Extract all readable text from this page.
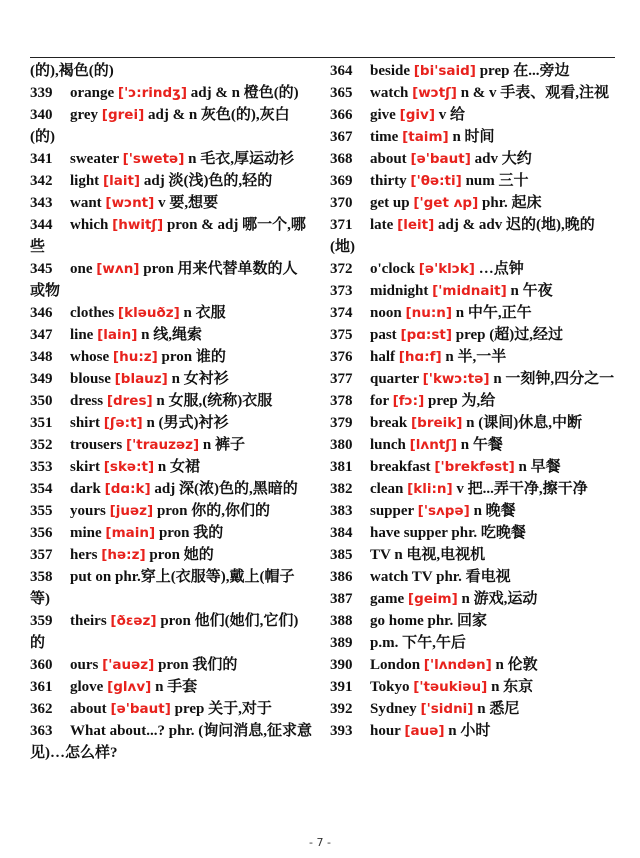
(的),褐色(的)
339 orange ['ɔ:rindʒ] adj & n 橙色(的)
340 grey [grei] adj & n 灰色(的),灰白(的)
341 sweater ['swetə] n 毛衣,厚运动衫
342 light [lait] adj 淡(浅)色的,轻的
343 want [wɔnt] v 要,想要
344 which [hwitʃ] pron & adj 哪一个,哪些
345 one [wʌn] pron 用来代替单数的人或物
346 clothes [kləuðz] n 衣服
347 line [lain] n 线,绳索
348 whose [hu:z] pron 谁的
349 blouse [blauz] n 女衬衫
350 dress [dres] n 女服,(统称)衣服
351 shirt [ʃə:t] n (男式)衬衫
352 trousers ['trauzəz] n 裤子
353 skirt [skə:t] n 女裙
354 dark [dɑ:k] adj 深(浓)色的,黑暗的
355 yours [juəz] pron 你的,你们的
356 mine [main] pron 我的
357 hers [hə:z] pron 她的
358 put on phr.穿上(衣服等),戴上(帽子等)
359 theirs [ðεəz] pron 他们(她们,它们)的
360 ours ['auəz] pron 我们的
361 glove [glʌv] n 手套
362 about [ə'baut] prep 关于,对于
363 What about...? phr. (询问消息,征求意 见)…怎么样?
364 beside [bi'said] prep 在...旁边
365 watch [wɔtʃ] n & v 手表、观看,注视
366 give [giv] v 给
367 time [taim] n 时间
368 about [ə'baut] adv 大约
369 thirty ['θə:ti] num 三十
370 get up ['get ʌp] phr. 起床
371 late [leit] adj & adv 迟的(地),晚的(地)
372 o'clock [ə'klɔk] …点钟
373 midnight ['midnait] n 午夜
374 noon [nu:n] n 中午,正午
375 past [pɑ:st] prep (超)过,经过
376 half [hɑ:f] n 半,一半
377 quarter ['kwɔ:tə] n 一刻钟,四分之一
378 for [fɔ:] prep 为,给
379 break [breik] n (课间)休息,中断
380 lunch [lʌntʃ] n 午餐
381 breakfast ['brekfəst] n 早餐
382 clean [kli:n] v 把...弄干净,擦干净
383 supper ['sʌpə] n 晚餐
384 have supper phr. 吃晚餐
385 TV n 电视,电视机
386 watch TV phr. 看电视
387 game [geim] n 游戏,运动
388 go home phr. 回家
389 p.m. 下午,午后
390 London ['lʌndən] n 伦敦
391 Tokyo ['təukiəu] n 东京
392 Sydney ['sidni] n 悉尼
393 hour [auə] n 小时
- 7 -
